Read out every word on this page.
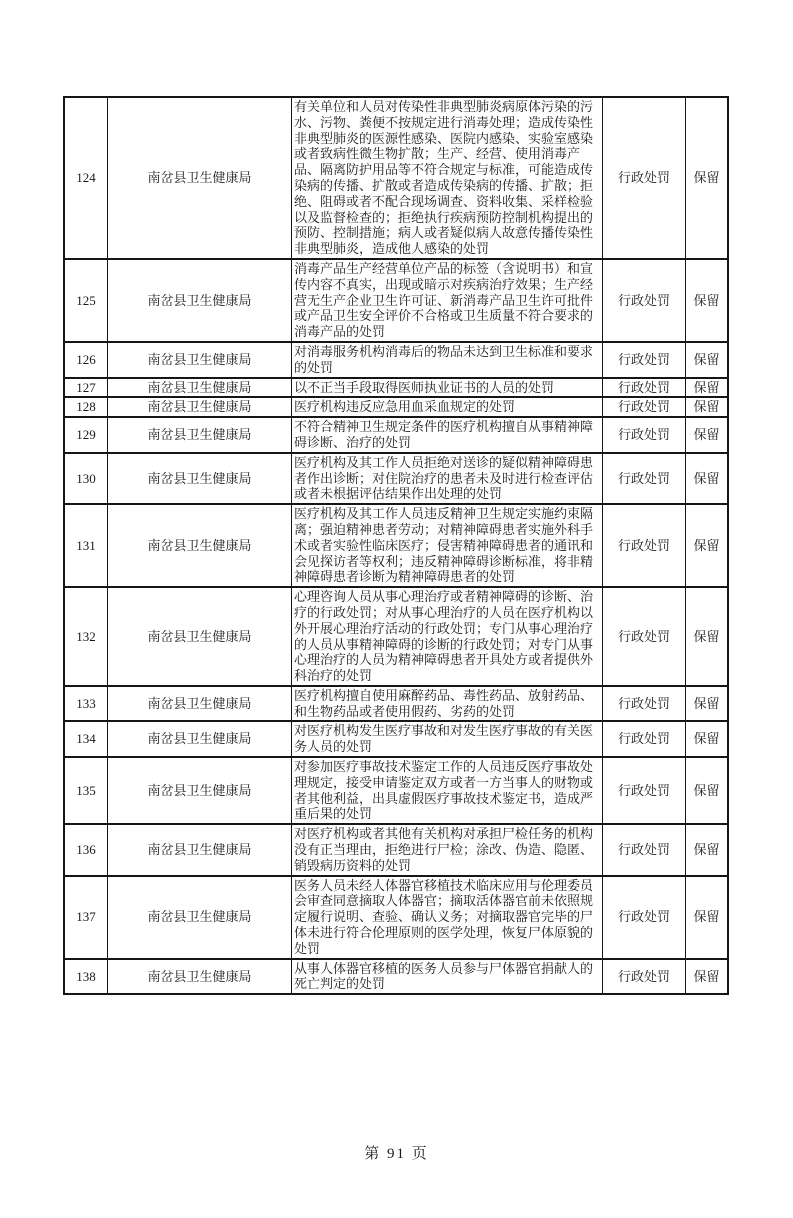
124	南岔县卫生健康局	有关单位和人员对传染性非典型肺炎病原体污染的污水、污物、粪便不按规定进行消毒处理；造成传染性非典型肺炎的医源性感染、医院内感染、实验室感染或者致病性微生物扩散；生产、经营、使用消毒产品、隔离防护用品等不符合规定与标准，可能造成传染病的传播、扩散或者造成传染病的传播、扩散；拒绝、阻碍或者不配合现场调查、资料收集、采样检验以及监督检查的；拒绝执行疾病预防控制机构提出的预防、控制措施；病人或者疑似病人故意传播传染性非典型肺炎，造成他人感染的处罚	行政处罚	保留
125	南岔县卫生健康局	消毒产品生产经营单位产品的标签（含说明书）和宣传内容不真实，出现或暗示对疾病治疗效果；生产经营无生产企业卫生许可证、新消毒产品卫生许可批件或产品卫生安全评价不合格或卫生质量不符合要求的消毒产品的处罚	行政处罚	保留
126	南岔县卫生健康局	对消毒服务机构消毒后的物品未达到卫生标准和要求的处罚	行政处罚	保留
127	南岔县卫生健康局	以不正当手段取得医师执业证书的人员的处罚	行政处罚	保留
128	南岔县卫生健康局	医疗机构违反应急用血采血规定的处罚	行政处罚	保留
129	南岔县卫生健康局	不符合精神卫生规定条件的医疗机构擅自从事精神障碍诊断、治疗的处罚	行政处罚	保留
130	南岔县卫生健康局	医疗机构及其工作人员拒绝对送诊的疑似精神障碍患者作出诊断；对住院治疗的患者未及时进行检查评估或者未根据评估结果作出处理的处罚	行政处罚	保留
131	南岔县卫生健康局	医疗机构及其工作人员违反精神卫生规定实施约束隔离；强迫精神患者劳动；对精神障碍患者实施外科手术或者实验性临床医疗；侵害精神障碍患者的通讯和会见探访者等权利；违反精神障碍诊断标准，将非精神障碍患者诊断为精神障碍患者的处罚	行政处罚	保留
132	南岔县卫生健康局	心理咨询人员从事心理治疗或者精神障碍的诊断、治疗的行政处罚；对从事心理治疗的人员在医疗机构以外开展心理治疗活动的行政处罚；专门从事心理治疗的人员从事精神障碍的诊断的行政处罚；对专门从事心理治疗的人员为精神障碍患者开具处方或者提供外科治疗的处罚	行政处罚	保留
133	南岔县卫生健康局	医疗机构擅自使用麻醉药品、毒性药品、放射药品、和生物药品或者使用假药、劣药的处罚	行政处罚	保留
134	南岔县卫生健康局	对医疗机构发生医疗事故和对发生医疗事故的有关医务人员的处罚	行政处罚	保留
135	南岔县卫生健康局	对参加医疗事故技术鉴定工作的人员违反医疗事故处理规定，接受申请鉴定双方或者一方当事人的财物或者其他利益，出具虚假医疗事故技术鉴定书，造成严重后果的处罚	行政处罚	保留
136	南岔县卫生健康局	对医疗机构或者其他有关机构对承担尸检任务的机构没有正当理由，拒绝进行尸检；涂改、伪造、隐匿、销毁病历资料的处罚	行政处罚	保留
137	南岔县卫生健康局	医务人员未经人体器官移植技术临床应用与伦理委员会审查同意摘取人体器官；摘取活体器官前未依照规定履行说明、查验、确认义务；对摘取器官完毕的尸体未进行符合伦理原则的医学处理，恢复尸体原貌的处罚	行政处罚	保留
138	南岔县卫生健康局	从事人体器官移植的医务人员参与尸体器官捐献人的死亡判定的处罚	行政处罚	保留
第 91 页
